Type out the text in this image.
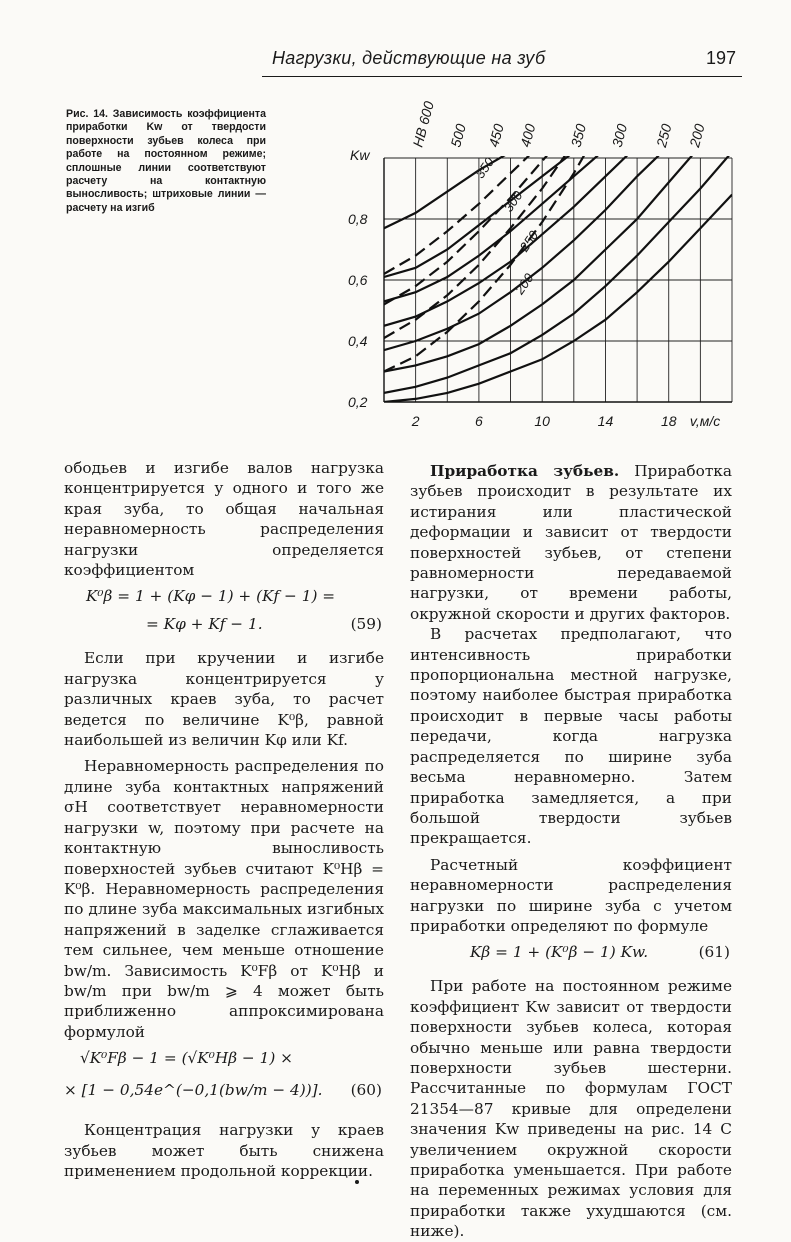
Нагрузки, действующие на зуб	197
Рис. 14. Зависимость коэффициента приработки Kw от твердости поверхности зубьев колеса при работе на постоянном режиме; сплошные линии соответствуют расчету на контактную выносливость; штриховые линии — расчету на изгиб
0,2
0,4
0,6
0,8
Kw
2	6	10	14	18 v,м/с
HB 600 500 450 400 350 300 250 200
350
300
250
200

ободьев и изгибе валов нагрузка концентрируется у одного и того же края зуба, то общая начальная неравномерность распределения нагрузки определяется коэффициентом

K⁰β = 1 + (Kφ − 1) + (Kf − 1) =
= Kφ + Kf − 1.	(59)

Если при кручении и изгибе нагрузка концентрируется у различных краев зуба, то расчет ведется по величине K⁰β, равной наибольшей из величин Kφ или Kf.

Неравномерность распределения по длине зуба контактных напряжений σH соответствует неравномерности нагрузки w, поэтому при расчете на контактную выносливость поверхностей зубьев считают K⁰Hβ = K⁰β. Неравномерность распределения по длине зуба максимальных изгибных напряжений в заделке сглаживается тем сильнее, чем меньше отношение bw/m. Зависимость K⁰Fβ от K⁰Hβ и bw/m при bw/m ⩾ 4 может быть приближенно аппроксимирована формулой

√K⁰Fβ − 1 = (√K⁰Hβ − 1) ×
× [1 − 0,54e^(−0,1(bw/m − 4))]. (60)

Концентрация нагрузки у краев зубьев может быть снижена применением продольной коррекции.

Приработка зубьев. Приработка зубьев происходит в результате их истирания или пластической деформации и зависит от твердости поверхностей зубьев, от степени равномерности передаваемой нагрузки, от времени работы, окружной скорости и других факторов.

В расчетах предполагают, что интенсивность приработки пропорциональна местной нагрузке, поэтому наиболее быстрая приработка происходит в первые часы работы передачи, когда нагрузка распределяется по ширине зуба весьма неравномерно. Затем приработка замедляется, а при большой твердости зубьев прекращается.

Расчетный коэффициент неравномерности распределения нагрузки по ширине зуба с учетом приработки определяют по формуле

Kβ = 1 + (K⁰β − 1) Kw.	(61)

При работе на постоянном режиме коэффициент Kw зависит от твердости поверхности зубьев колеса, которая обычно меньше или равна твердости поверхности зубьев шестерни. Рассчитанные по формулам ГОСТ 21354—87 кривые для определени значения Kw приведены на рис. 14 С увеличением окружной скорости приработка уменьшается. При работе на переменных режимах условия для приработки также ухудшаются (см. ниже).
